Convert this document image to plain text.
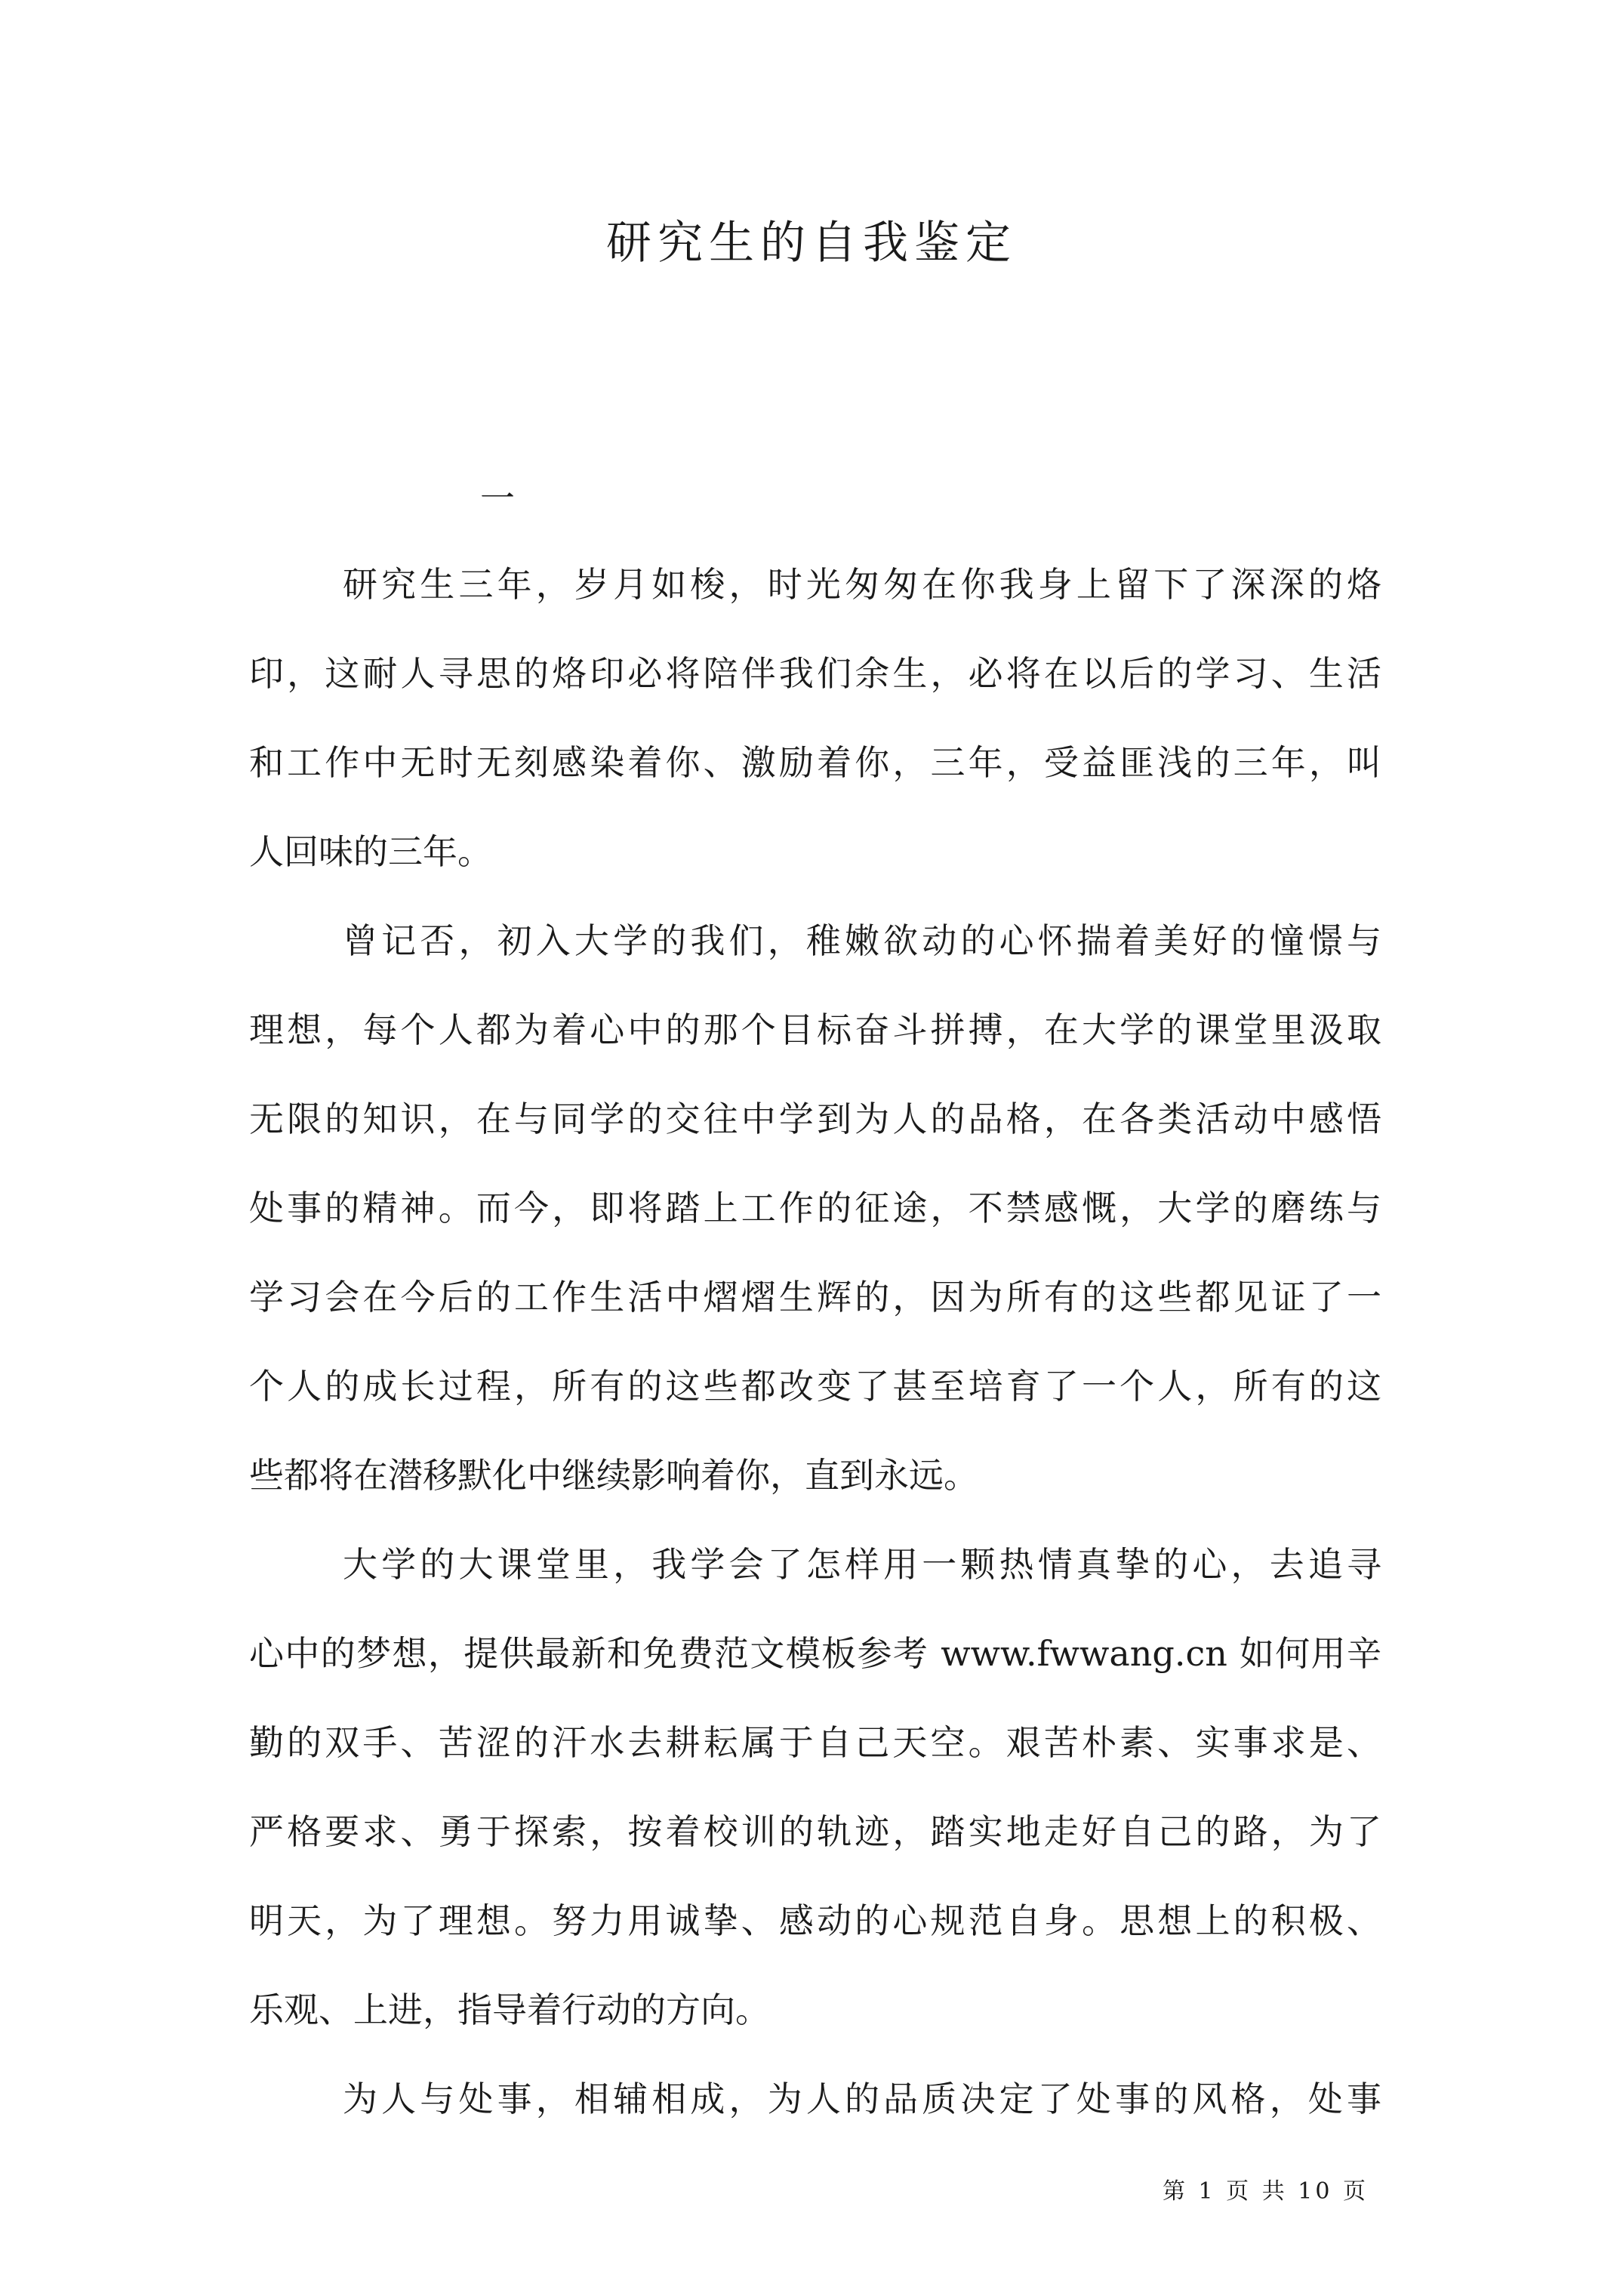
研究生的自我鉴定
一
研究生三年，岁月如梭，时光匆匆在你我身上留下了深深的烙
印，这耐人寻思的烙印必将陪伴我们余生，必将在以后的学习、生活
和工作中无时无刻感染着你、激励着你，三年，受益匪浅的三年，叫
人回味的三年。
曾记否，初入大学的我们，稚嫩欲动的心怀揣着美好的憧憬与
理想，每个人都为着心中的那个目标奋斗拼搏，在大学的课堂里汲取
无限的知识，在与同学的交往中学到为人的品格，在各类活动中感悟
处事的精神。而今，即将踏上工作的征途，不禁感慨，大学的磨练与
学习会在今后的工作生活中熠熠生辉的，因为所有的这些都见证了一
个人的成长过程，所有的这些都改变了甚至培育了一个人，所有的这
些都将在潜移默化中继续影响着你，直到永远。
大学的大课堂里，我学会了怎样用一颗热情真挚的心，去追寻
心中的梦想，提供最新和免费范文模板参考 www.fwwang.cn 如何用辛
勤的双手、苦涩的汗水去耕耘属于自己天空。艰苦朴素、实事求是、
严格要求、勇于探索，按着校训的轨迹，踏实地走好自己的路，为了
明天，为了理想。努力用诚挚、感动的心规范自身。思想上的积极、
乐观、上进，指导着行动的方向。
为人与处事，相辅相成，为人的品质决定了处事的风格，处事
第 1 页 共 10 页
